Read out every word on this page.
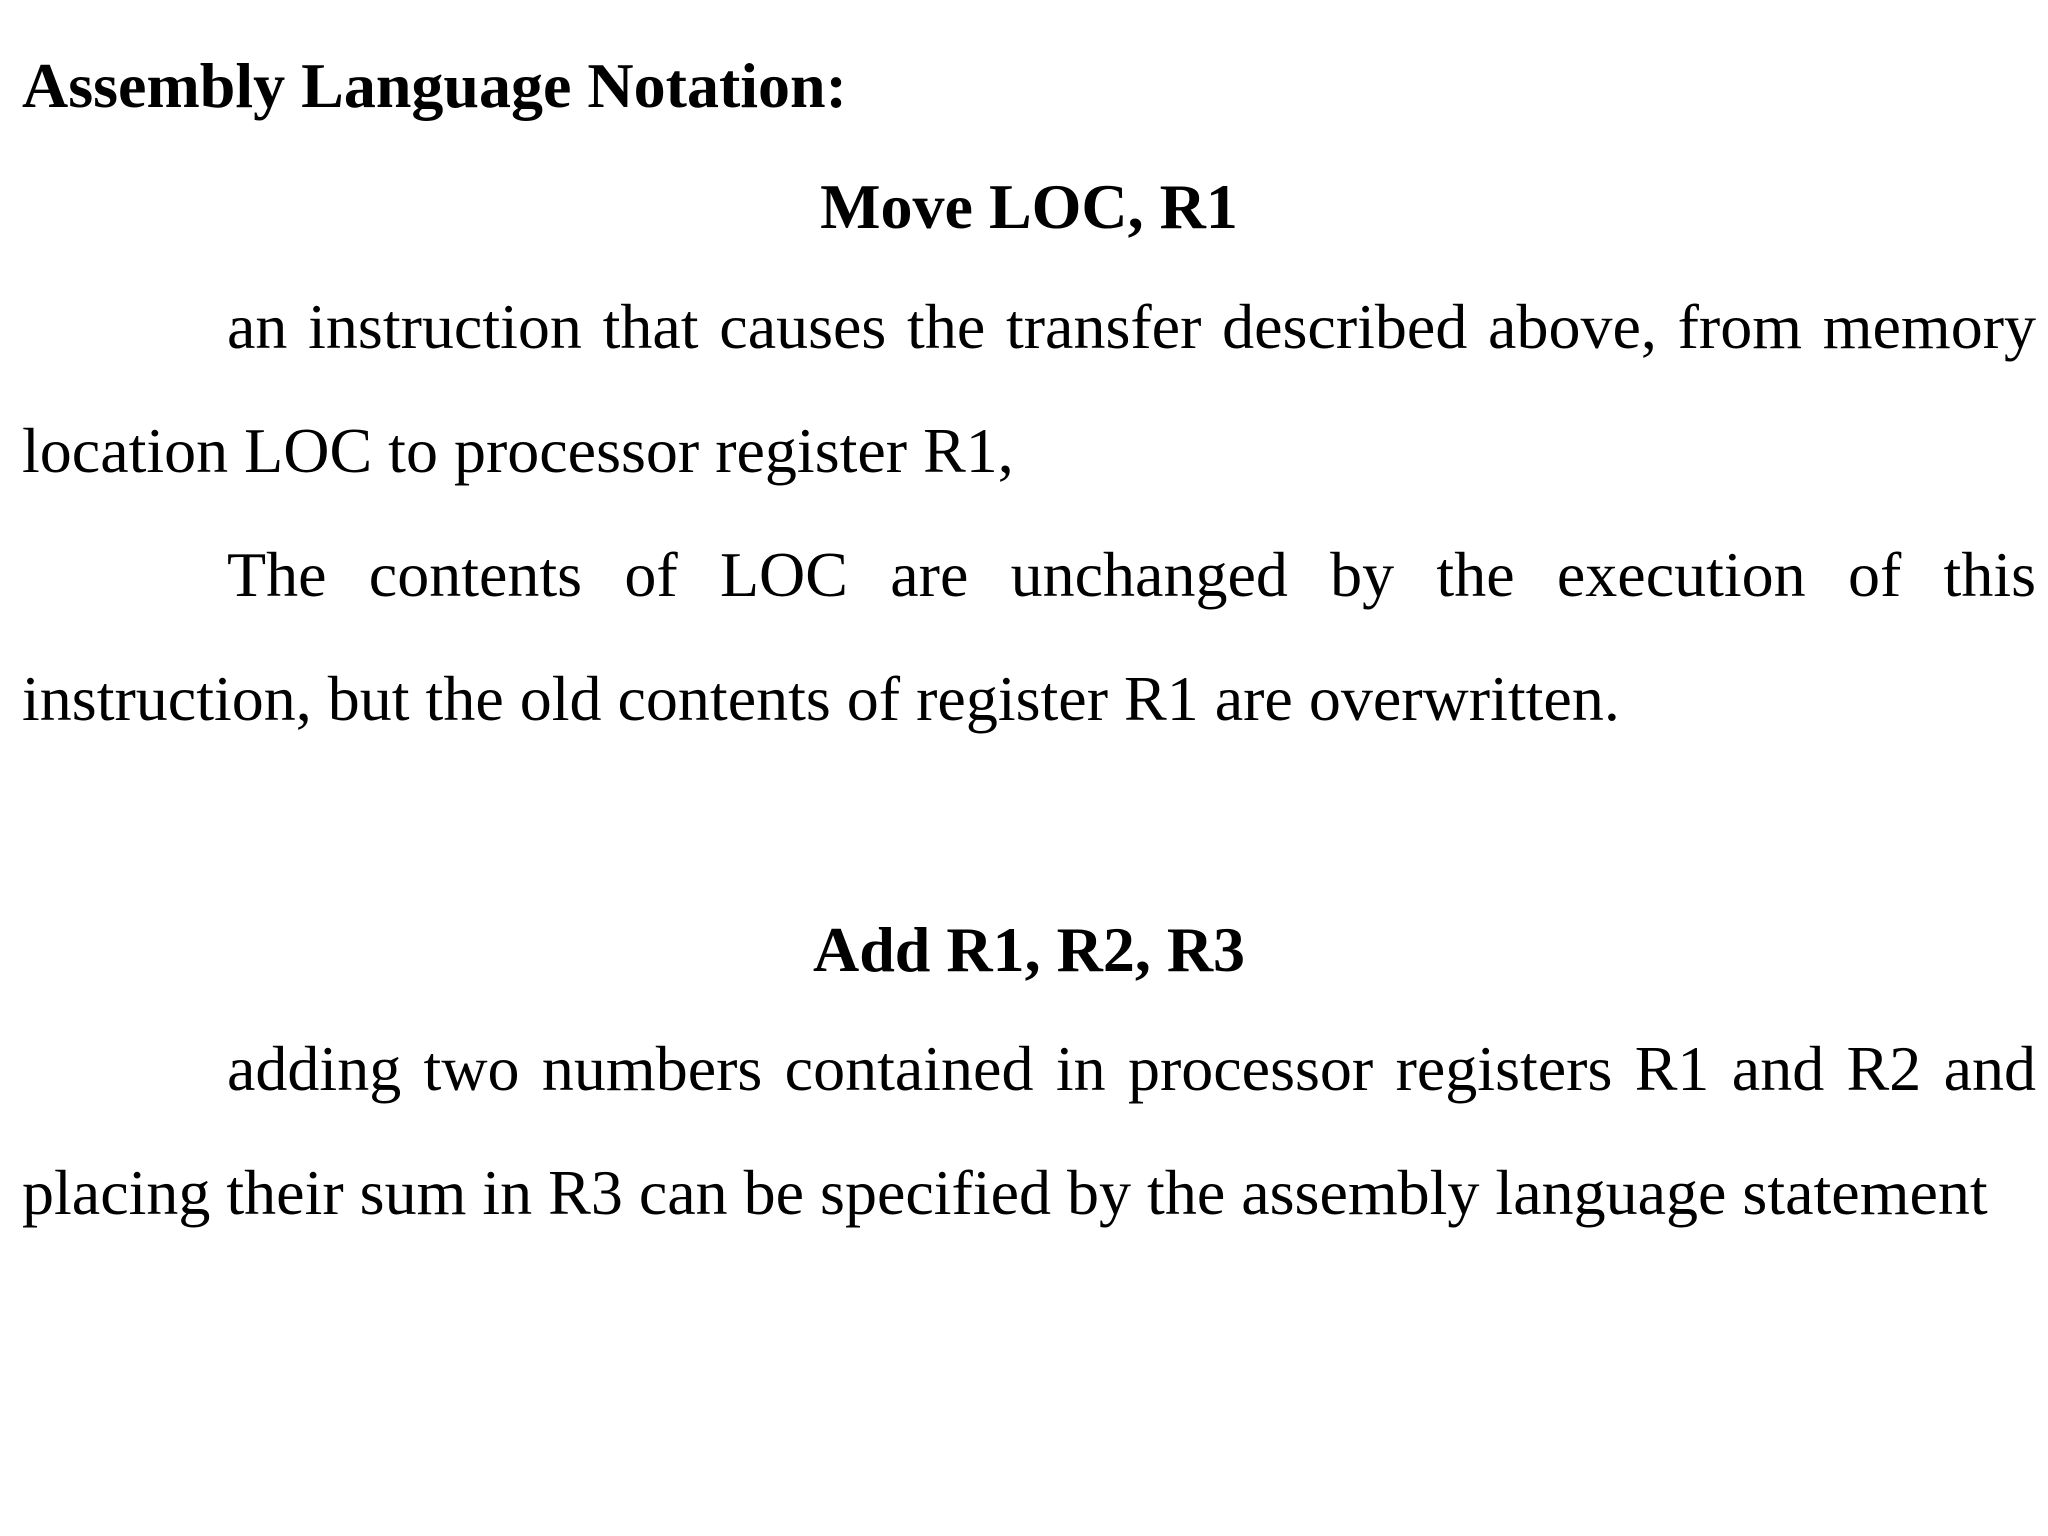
Assembly Language Notation:
Move LOC, R1

an instruction that causes the transfer described above, from memory location LOC to processor register R1,

The contents of LOC are unchanged by the execution of this instruction, but the old contents of register R1 are overwritten.

Add R1, R2, R3

adding two numbers contained in processor registers R1 and R2 and placing their sum in R3 can be specified by the assembly language statement
